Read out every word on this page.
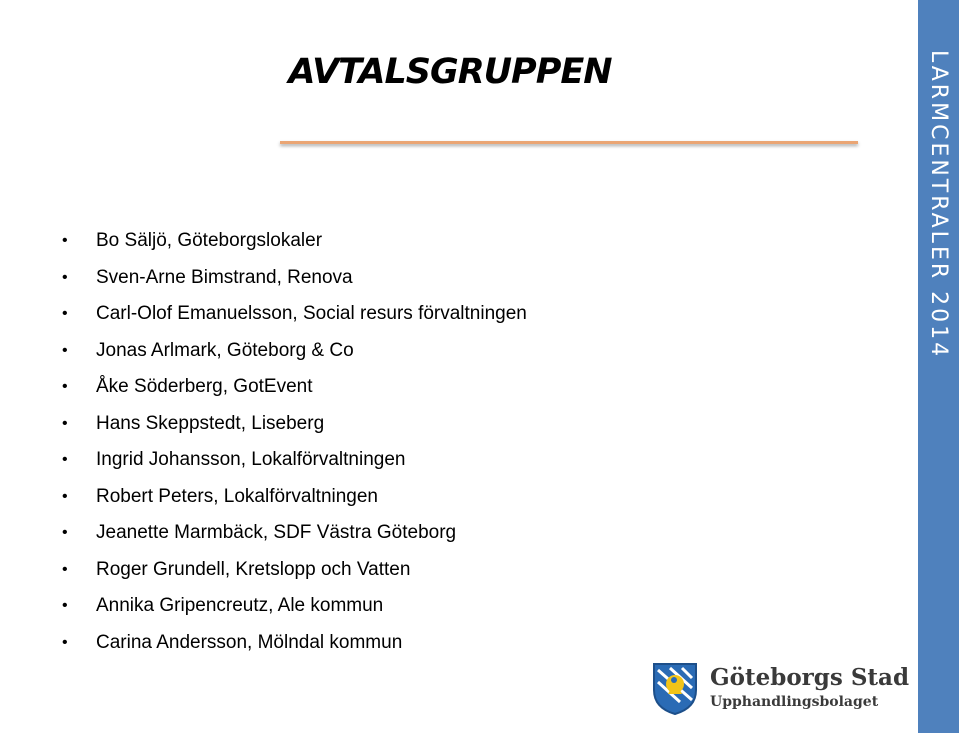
AVTALSGRUPPEN
• Bo Säljö, Göteborgslokaler
• Sven-Arne Bimstrand, Renova
• Carl-Olof Emanuelsson, Social resurs förvaltningen
• Jonas Arlmark, Göteborg & Co
• Åke Söderberg, GotEvent
• Hans Skeppstedt, Liseberg
• Ingrid Johansson, Lokalförvaltningen
• Robert Peters, Lokalförvaltningen
• Jeanette Marmbäck, SDF Västra Göteborg
• Roger Grundell, Kretslopp och Vatten
• Annika Gripencreutz, Ale kommun
• Carina Andersson, Mölndal kommun
Göteborgs Stad
Upphandlingsbolaget
LARMCENTRALER 2014
